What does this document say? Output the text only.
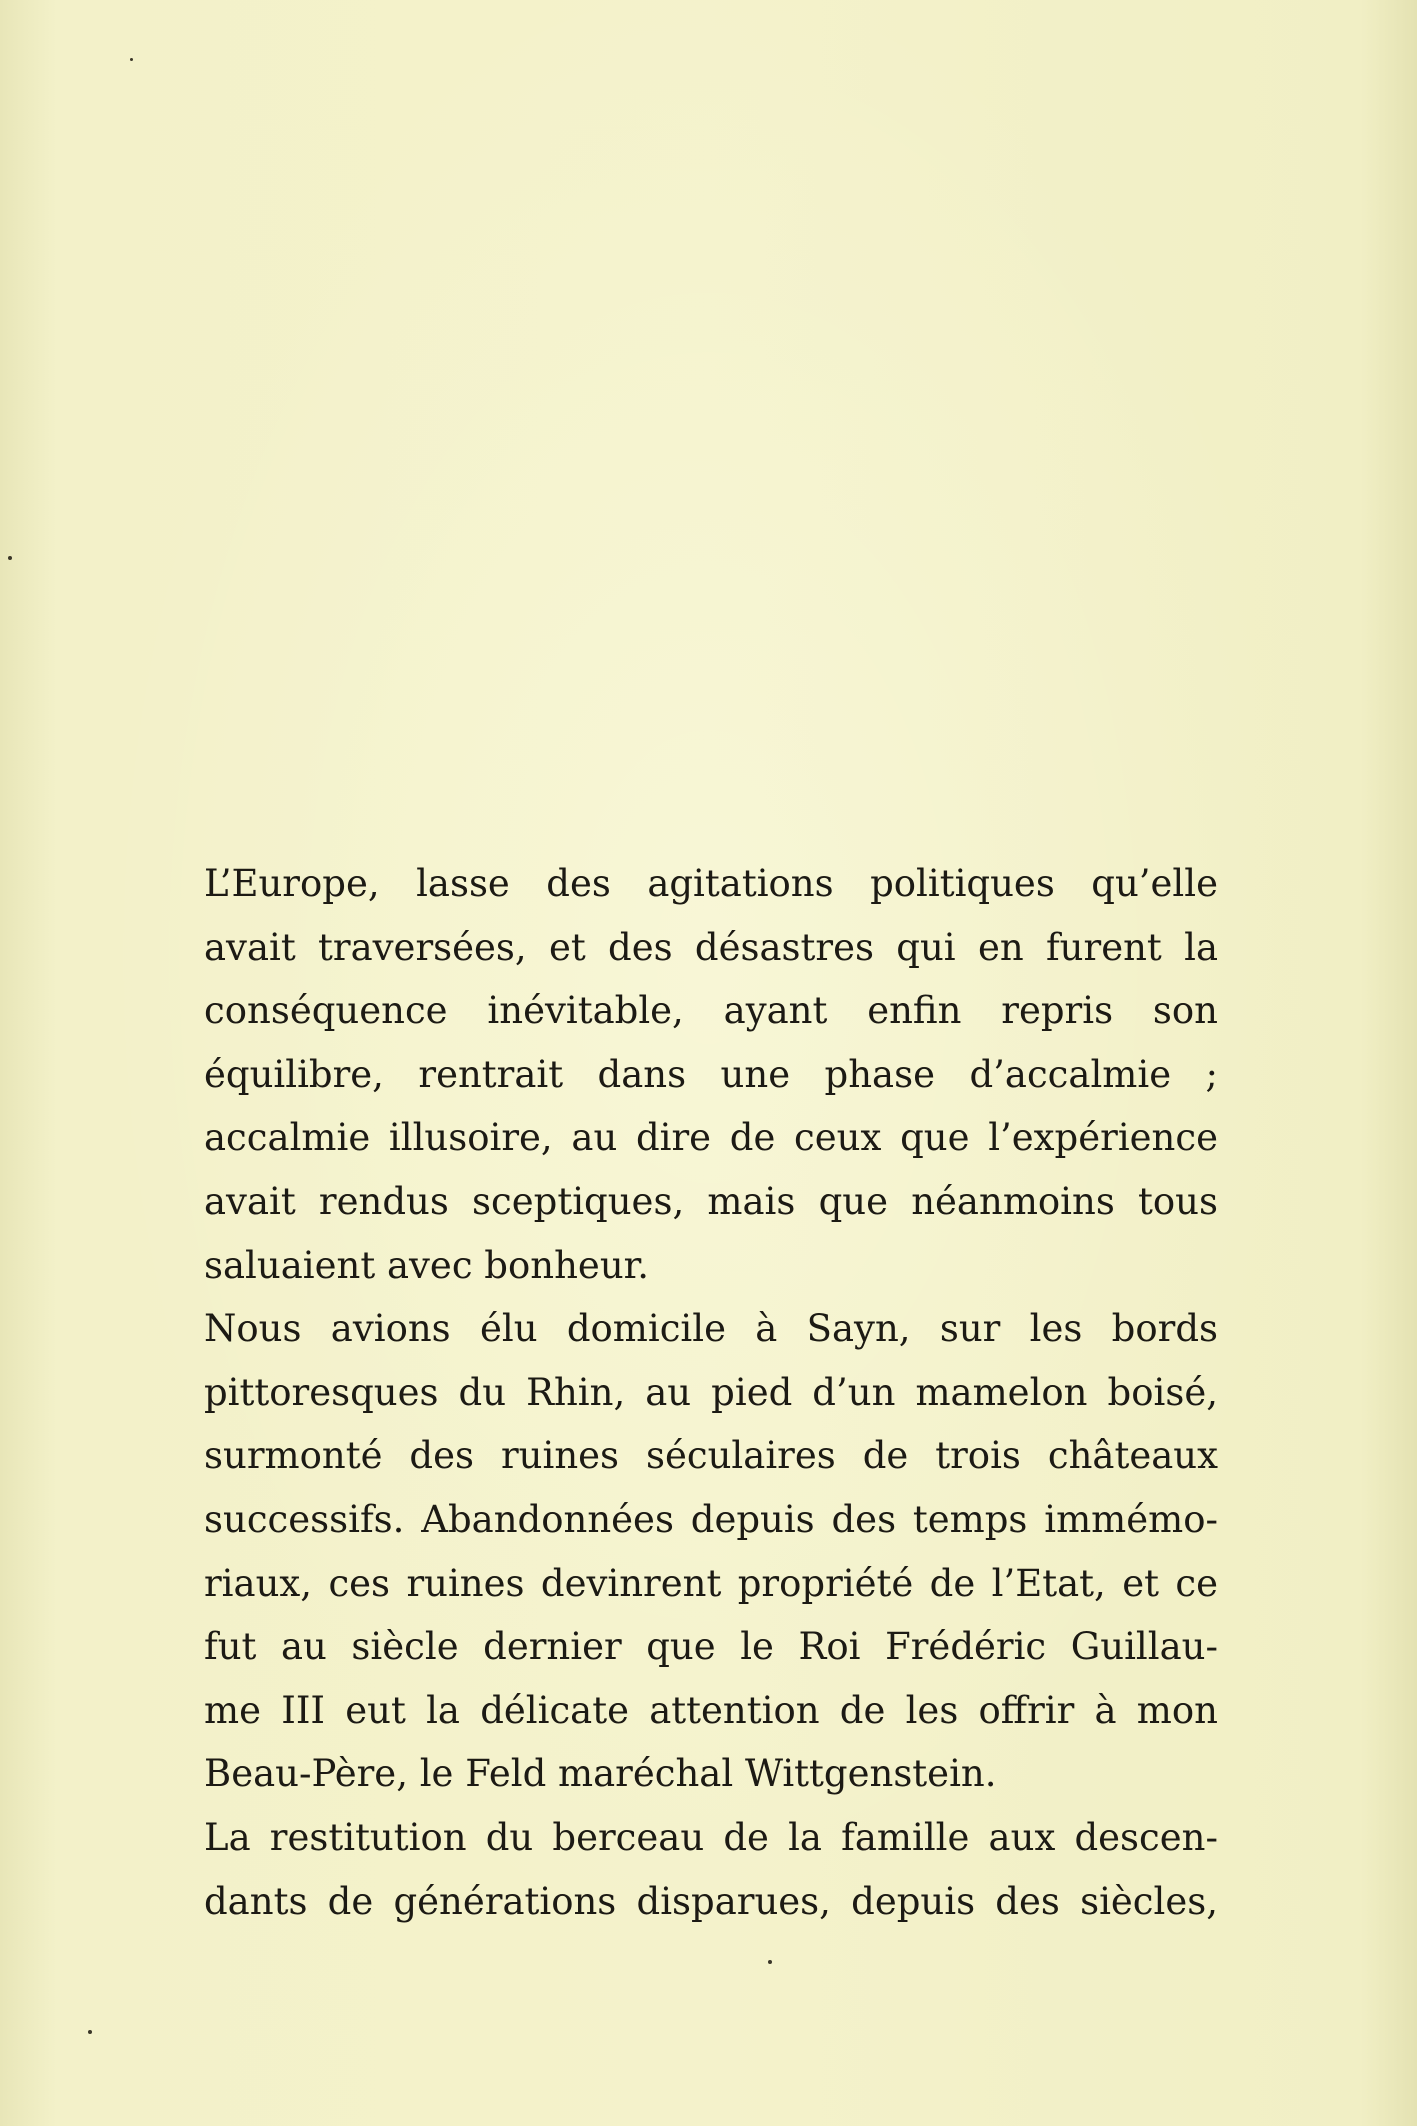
L’Europe, lasse des agitations politiques qu’elle
avait traversées, et des désastres qui en furent la
conséquence inévitable, ayant enfin repris son
équilibre, rentrait dans une phase d’accalmie ;
accalmie illusoire, au dire de ceux que l’expérience
avait rendus sceptiques, mais que néanmoins tous
saluaient avec bonheur.

Nous avions élu domicile à Sayn, sur les bords
pittoresques du Rhin, au pied d’un mamelon boisé,
surmonté des ruines séculaires de trois châteaux
successifs. Abandonnées depuis des temps immémo-
riaux, ces ruines devinrent propriété de l’Etat, et ce
fut au siècle dernier que le Roi Frédéric Guillau-
me III eut la délicate attention de les offrir à mon
Beau-Père, le Feld maréchal Wittgenstein.

La restitution du berceau de la famille aux descen-
dants de générations disparues, depuis des siècles,
